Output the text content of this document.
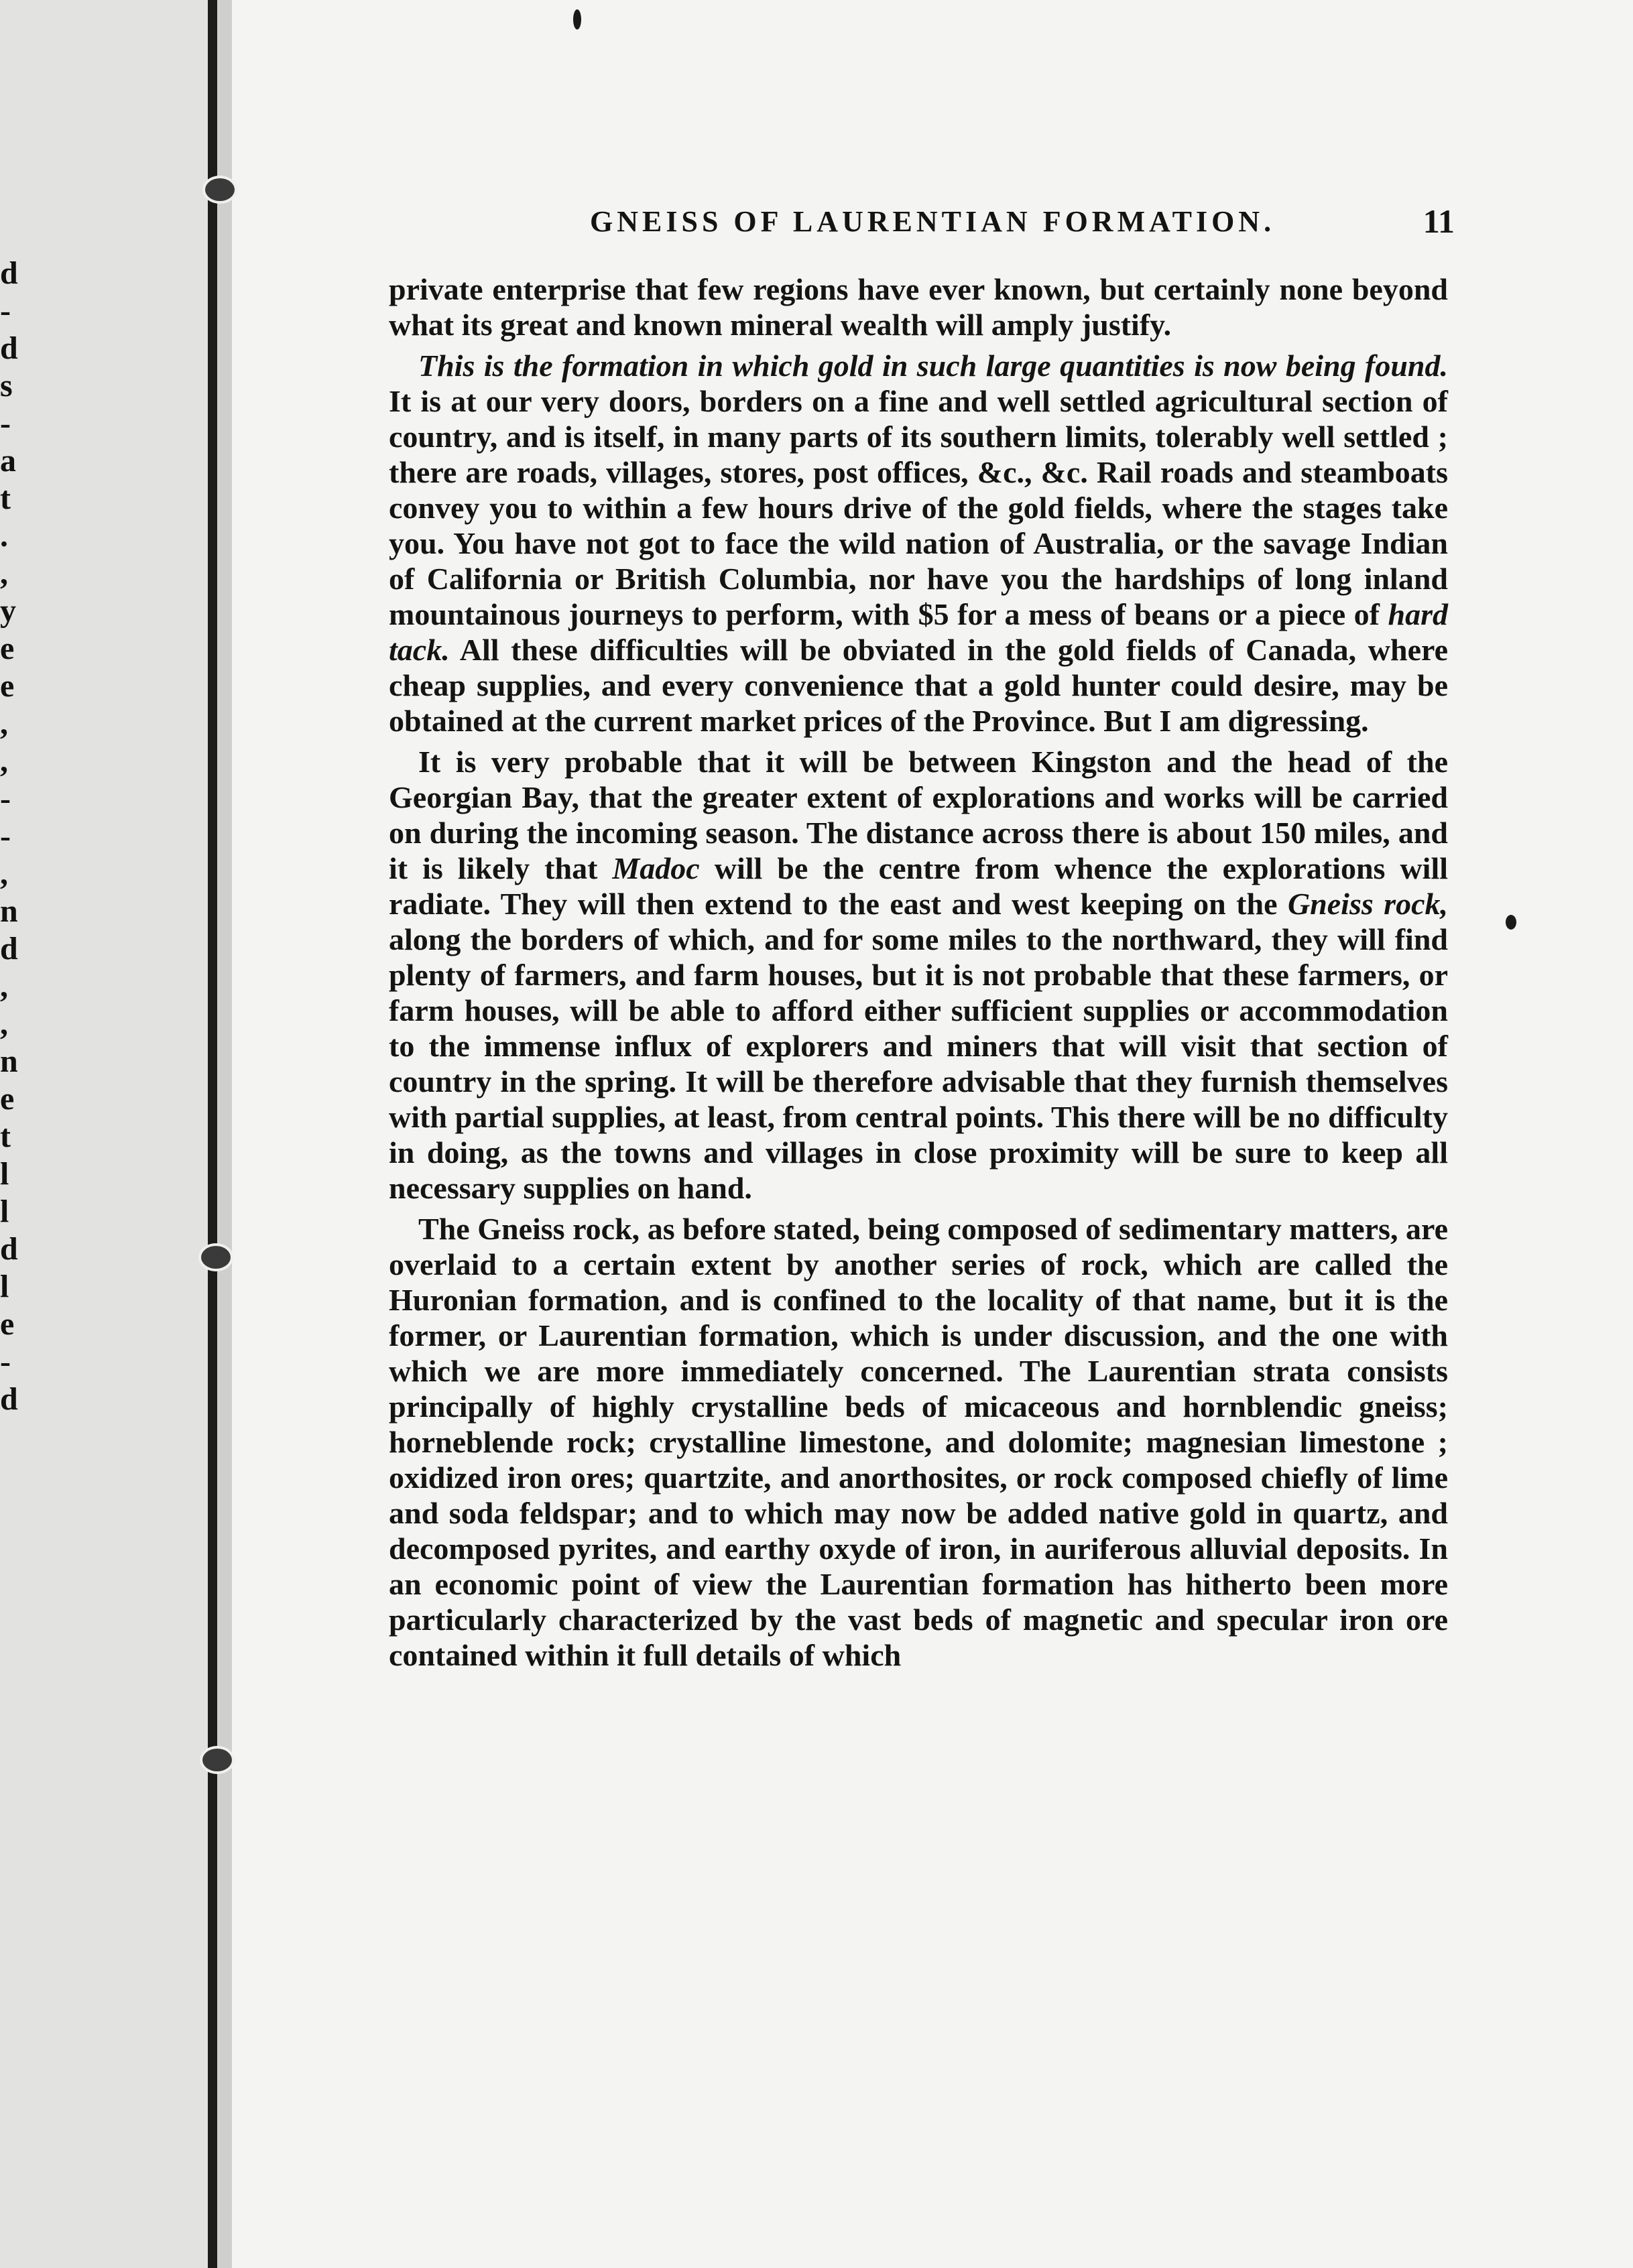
d
-
d
s
-
a
t
.
,
y
e
e
,
,
-
-
,
n
d
,
,
n
e
t
l
l
d
l
e
-
d
GNEISS OF LAURENTIAN FORMATION.	11

private enterprise that few regions have ever known, but certainly none beyond what its great and known mineral wealth will amply justify.

This is the formation in which gold in such large quantities is now being found. It is at our very doors, borders on a fine and well settled agricultural section of country, and is itself, in many parts of its southern limits, tolerably well settled ; there are roads, villages, stores, post offices, &c., &c. Rail roads and steamboats convey you to within a few hours drive of the gold fields, where the stages take you. You have not got to face the wild nation of Australia, or the savage Indian of California or British Columbia, nor have you the hardships of long inland mountainous journeys to perform, with $5 for a mess of beans or a piece of hard tack. All these difficulties will be obviated in the gold fields of Canada, where cheap supplies, and every convenience that a gold hunter could desire, may be obtained at the current market prices of the Province. But I am digressing.

It is very probable that it will be between Kingston and the head of the Georgian Bay, that the greater extent of explorations and works will be carried on during the incoming season. The distance across there is about 150 miles, and it is likely that Madoc will be the centre from whence the explorations will radiate. They will then extend to the east and west keeping on the Gneiss rock, along the borders of which, and for some miles to the northward, they will find plenty of farmers, and farm houses, but it is not probable that these farmers, or farm houses, will be able to afford either sufficient supplies or accommodation to the immense influx of explorers and miners that will visit that section of country in the spring. It will be therefore advisable that they furnish themselves with partial supplies, at least, from central points. This there will be no difficulty in doing, as the towns and villages in close proximity will be sure to keep all necessary supplies on hand.

The Gneiss rock, as before stated, being composed of sedimentary matters, are overlaid to a certain extent by another series of rock, which are called the Huronian formation, and is confined to the locality of that name, but it is the former, or Laurentian formation, which is under discussion, and the one with which we are more immediately concerned. The Laurentian strata consists principally of highly crystalline beds of micaceous and hornblendic gneiss; horneblende rock; crystalline limestone, and dolomite; magnesian limestone ; oxidized iron ores; quartzite, and anorthosites, or rock composed chiefly of lime and soda feldspar; and to which may now be added native gold in quartz, and decomposed pyrites, and earthy oxyde of iron, in auriferous alluvial deposits. In an economic point of view the Laurentian formation has hitherto been more particularly characterized by the vast beds of magnetic and specular iron ore contained within it full details of which
